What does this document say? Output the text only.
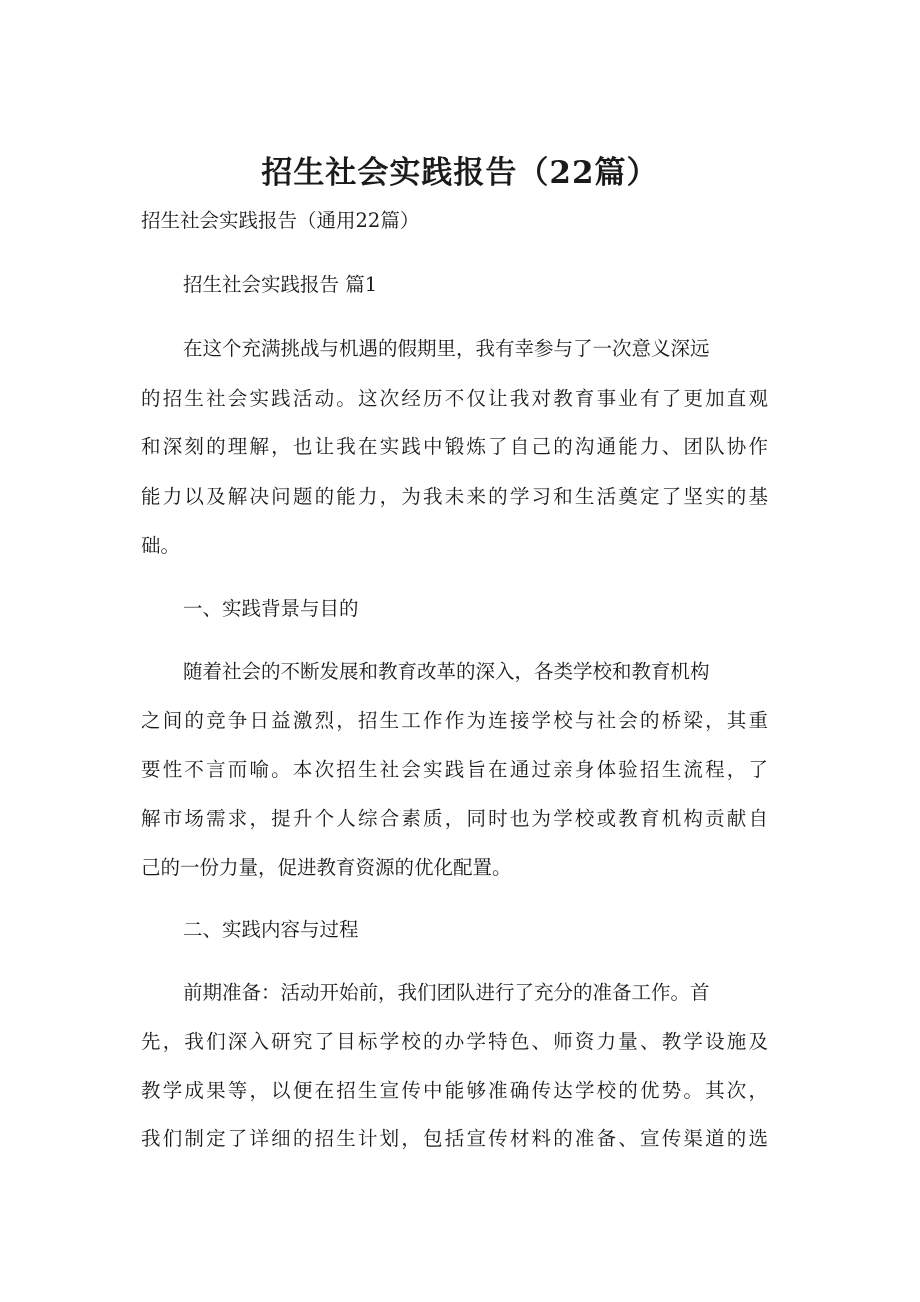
招生社会实践报告（22篇）
招生社会实践报告（通用22篇）
招生社会实践报告 篇1
在这个充满挑战与机遇的假期里，我有幸参与了一次意义深远
的招生社会实践活动。这次经历不仅让我对教育事业有了更加直观
和深刻的理解，也让我在实践中锻炼了自己的沟通能力、团队协作
能力以及解决问题的能力，为我未来的学习和生活奠定了坚实的基
础。
一、实践背景与目的
随着社会的不断发展和教育改革的深入，各类学校和教育机构
之间的竞争日益激烈，招生工作作为连接学校与社会的桥梁，其重
要性不言而喻。本次招生社会实践旨在通过亲身体验招生流程，了
解市场需求，提升个人综合素质，同时也为学校或教育机构贡献自
己的一份力量，促进教育资源的优化配置。
二、实践内容与过程
前期准备：活动开始前，我们团队进行了充分的准备工作。首
先，我们深入研究了目标学校的办学特色、师资力量、教学设施及
教学成果等，以便在招生宣传中能够准确传达学校的优势。其次，
我们制定了详细的招生计划，包括宣传材料的准备、宣传渠道的选
